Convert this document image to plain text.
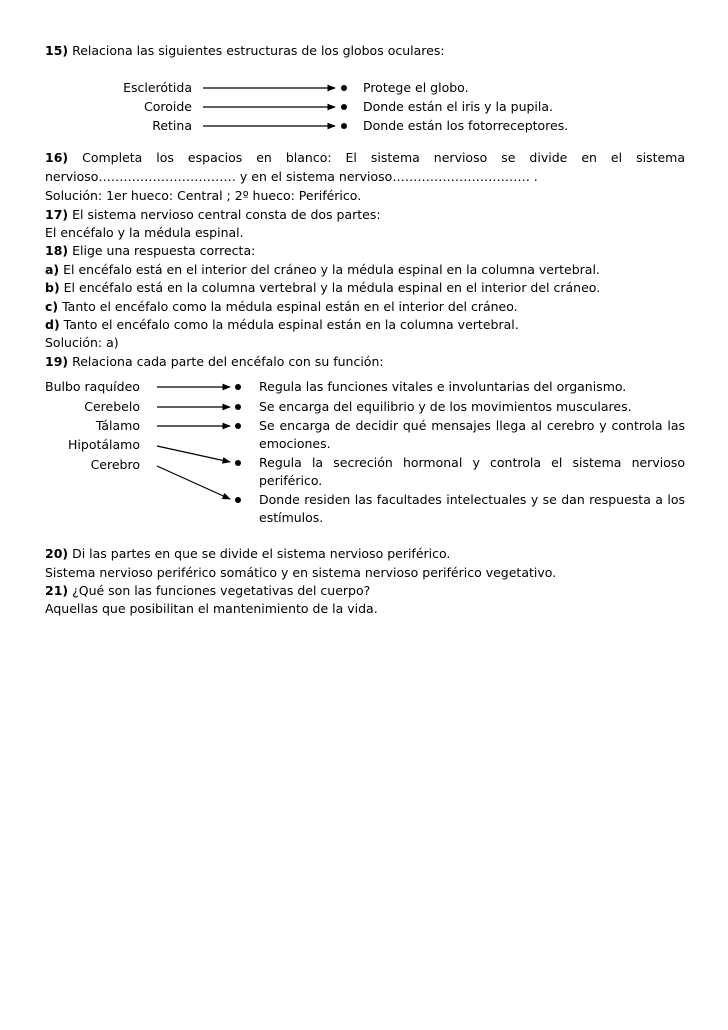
15) Relaciona las siguientes estructuras de los globos oculares:
Esclerótida
Coroide
Retina
Protege el globo.
Donde están el iris y la pupila.
Donde están los fotorreceptores.
16) Completa los espacios en blanco: El sistema nervioso se divide en el sistema
nervioso…………………………… y en el sistema nervioso…………………………… .
Solución: 1er hueco: Central ; 2º hueco: Periférico.
17) El sistema nervioso central consta de dos partes:
El encéfalo y la médula espinal.
18) Elige una respuesta correcta:
a) El encéfalo está en el interior del cráneo y la médula espinal en la columna vertebral.
b) El encéfalo está en la columna vertebral y la médula espinal en el interior del cráneo.
c) Tanto el encéfalo como la médula espinal están en el interior del cráneo.
d) Tanto el encéfalo como la médula espinal están en la columna vertebral.
Solución: a)
19) Relaciona cada parte del encéfalo con su función:
Bulbo raquídeo
Cerebelo
Tálamo
Hipotálamo
Cerebro
Regula las funciones vitales e involuntarias del organismo.
Se encarga del equilibrio y de los movimientos musculares.
Se encarga de decidir qué mensajes llega al cerebro y controla las emociones.
Regula la secreción hormonal y controla el sistema nervioso periférico.
Donde residen las facultades intelectuales y se dan respuesta a los estímulos.
20) Di las partes en que se divide el sistema nervioso periférico.
Sistema nervioso periférico somático y en sistema nervioso periférico vegetativo.
21) ¿Qué son las funciones vegetativas del cuerpo?
Aquellas que posibilitan el mantenimiento de la vida.
